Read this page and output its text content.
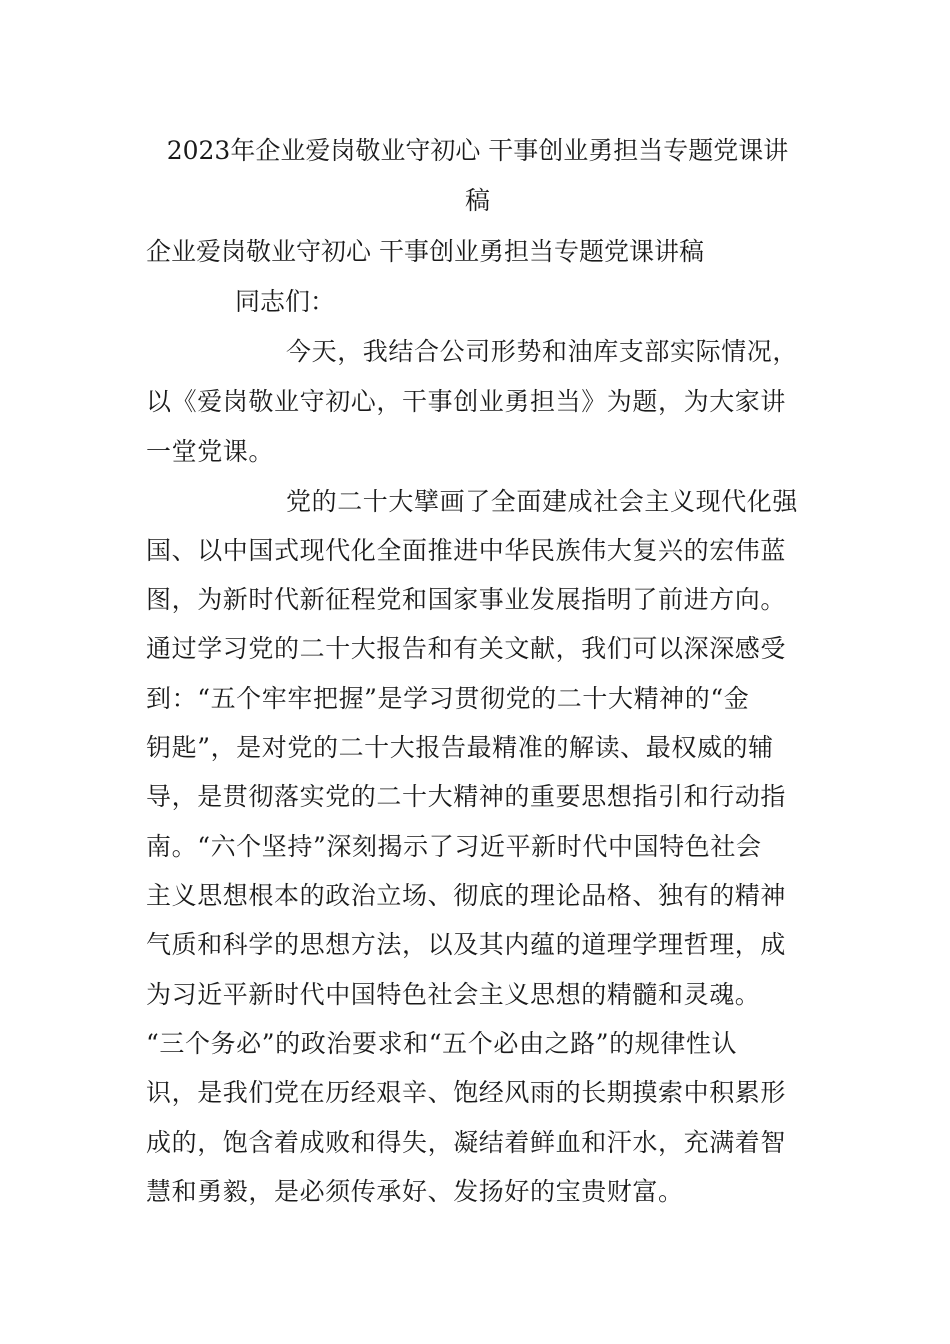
2023年企业爱岗敬业守初心 干事创业勇担当专题党课讲
稿
企业爱岗敬业守初心 干事创业勇担当专题党课讲稿

同志们：

今天，我结合公司形势和油库支部实际情况，

以《爱岗敬业守初心，干事创业勇担当》为题，为大家讲

一堂党课。

党的二十大擘画了全面建成社会主义现代化强

国、以中国式现代化全面推进中华民族伟大复兴的宏伟蓝

图，为新时代新征程党和国家事业发展指明了前进方向。

通过学习党的二十大报告和有关文献，我们可以深深感受

到：“五个牢牢把握”是学习贯彻党的二十大精神的“金

钥匙”，是对党的二十大报告最精准的解读、最权威的辅

导，是贯彻落实党的二十大精神的重要思想指引和行动指

南。“六个坚持”深刻揭示了习近平新时代中国特色社会

主义思想根本的政治立场、彻底的理论品格、独有的精神

气质和科学的思想方法，以及其内蕴的道理学理哲理，成

为习近平新时代中国特色社会主义思想的精髓和灵魂。

“三个务必”的政治要求和“五个必由之路”的规律性认

识，是我们党在历经艰辛、饱经风雨的长期摸索中积累形

成的，饱含着成败和得失，凝结着鲜血和汗水，充满着智

慧和勇毅，是必须传承好、发扬好的宝贵财富。
